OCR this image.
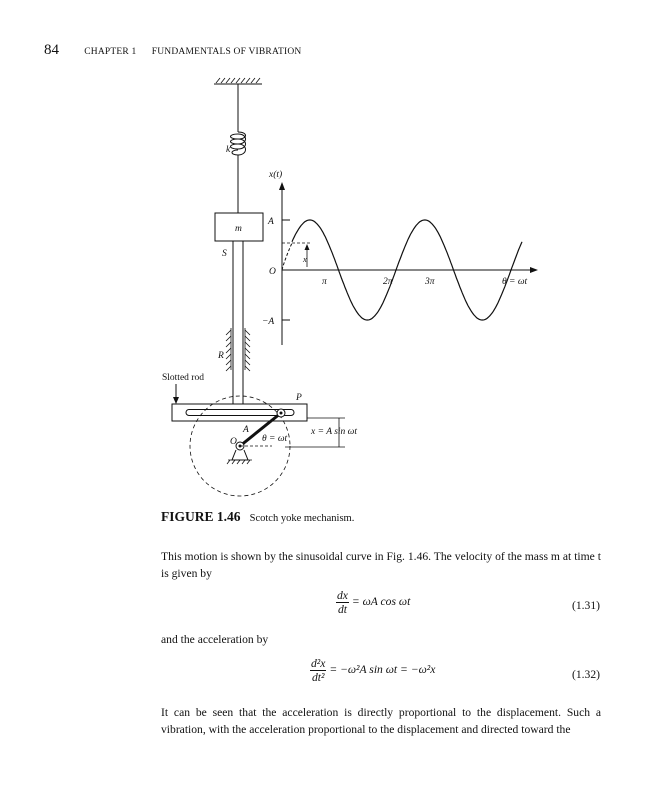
84	CHAPTER 1 FUNDAMENTALS OF VIBRATION
k
m
S
R
Slotted rod
P
A
O	θ = ωt
x = A sin ωt
x(t)
A
O
−A
x
π	2π	3π	θ = ωt
FIGURE 1.46 Scotch yoke mechanism.
This motion is shown by the sinusoidal curve in Fig. 1.46. The velocity of the mass m at time t is given by
$\frac{dx}{dt} = \omega A$ cos ωt	(1.31)
and the acceleration by
$\frac{\text{d²x}}{\text{dt²}} = -\omega^2A$ sin ωt = −ω²x	(1.32)
It can be seen that the acceleration is directly proportional to the displacement. Such a vibration, with the acceleration proportional to the displacement and directed toward the
